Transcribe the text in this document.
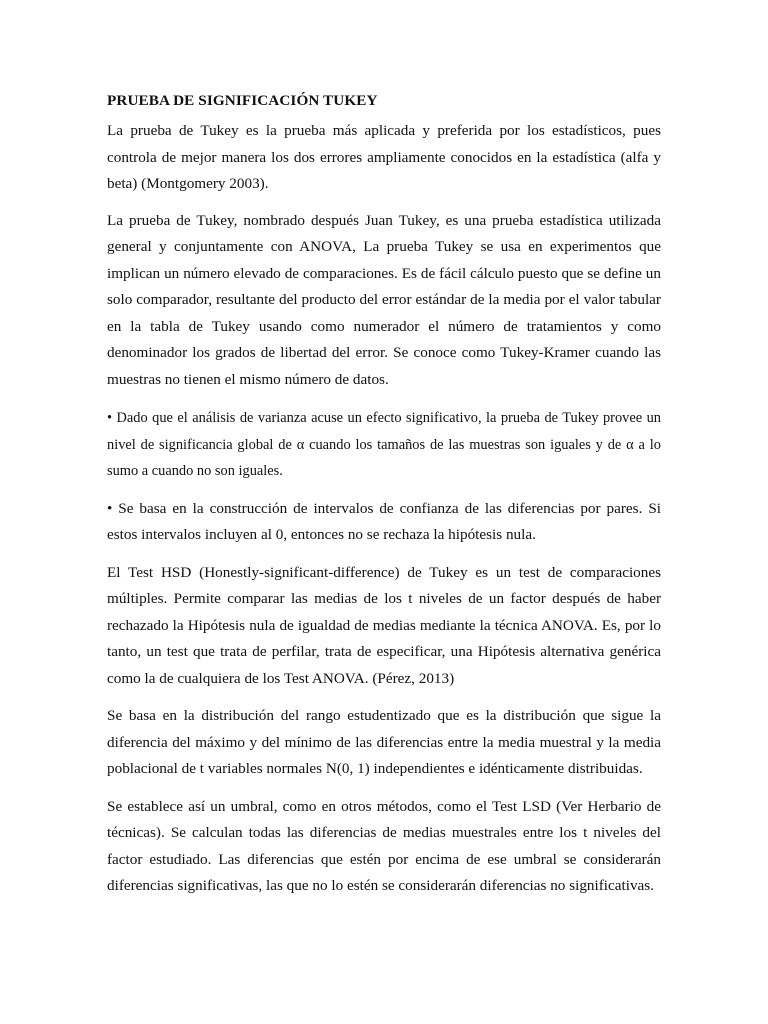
PRUEBA DE SIGNIFICACIÓN TUKEY

La prueba de Tukey es la prueba más aplicada y preferida por los estadísticos, pues controla de mejor manera los dos errores ampliamente conocidos en la estadística (alfa y beta) (Montgomery 2003).

La prueba de Tukey, nombrado después Juan Tukey, es una prueba estadística utilizada general y conjuntamente con ANOVA, La prueba Tukey se usa en experimentos que implican un número elevado de comparaciones. Es de fácil cálculo puesto que se define un solo comparador, resultante del producto del error estándar de la media por el valor tabular en la tabla de Tukey usando como numerador el número de tratamientos y como denominador los grados de libertad del error. Se conoce como Tukey-Kramer cuando las muestras no tienen el mismo número de datos.

• Dado que el análisis de varianza acuse un efecto significativo, la prueba de Tukey provee un nivel de significancia global de α cuando los tamaños de las muestras son iguales y de α a lo sumo a cuando no son iguales.

• Se basa en la construcción de intervalos de confianza de las diferencias por pares. Si estos intervalos incluyen al 0, entonces no se rechaza la hipótesis nula.

El Test HSD (Honestly-significant-difference) de Tukey es un test de comparaciones múltiples. Permite comparar las medias de los t niveles de un factor después de haber rechazado la Hipótesis nula de igualdad de medias mediante la técnica ANOVA. Es, por lo tanto, un test que trata de perfilar, trata de especificar, una Hipótesis alternativa genérica como la de cualquiera de los Test ANOVA. (Pérez, 2013)

Se basa en la distribución del rango estudentizado que es la distribución que sigue la diferencia del máximo y del mínimo de las diferencias entre la media muestral y la media poblacional de t variables normales N(0, 1) independientes e idénticamente distribuidas.

Se establece así un umbral, como en otros métodos, como el Test LSD (Ver Herbario de técnicas). Se calculan todas las diferencias de medias muestrales entre los t niveles del factor estudiado. Las diferencias que estén por encima de ese umbral se considerarán diferencias significativas, las que no lo estén se considerarán diferencias no significativas.
